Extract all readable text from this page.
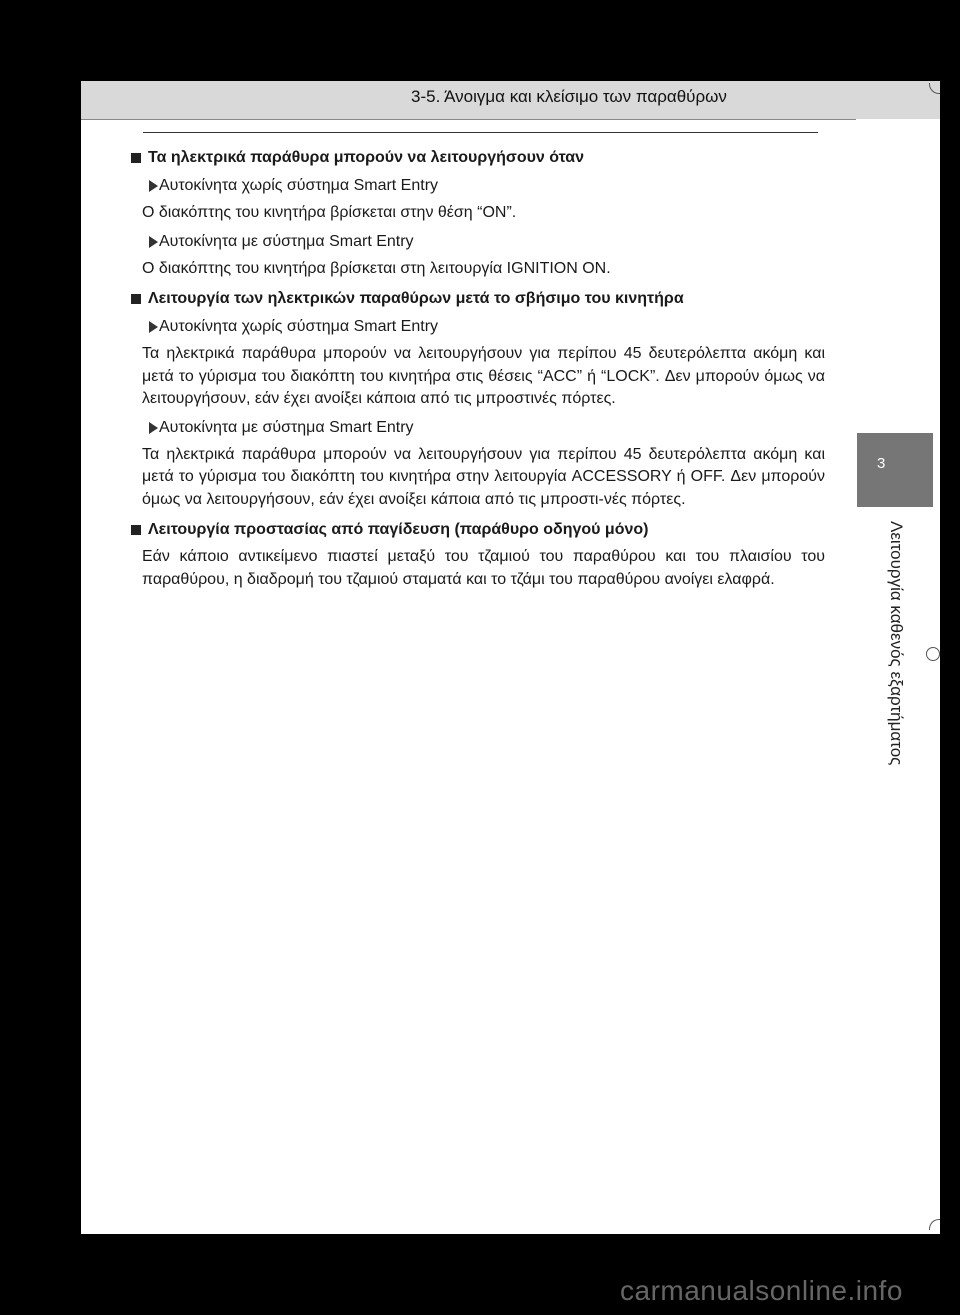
3-5. Άνοιγμα και κλείσιμο των παραθύρων
3
Λειτουργία καθενός εξαρτήματος
Τα ηλεκτρικά παράθυρα μπορούν να λειτουργήσουν όταν
Αυτοκίνητα χωρίς σύστημα Smart Entry
Ο διακόπτης του κινητήρα βρίσκεται στην θέση “ON”.
Αυτοκίνητα με σύστημα Smart Entry
Ο διακόπτης του κινητήρα βρίσκεται στη λειτουργία IGNITION ON.
Λειτουργία των ηλεκτρικών παραθύρων μετά το σβήσιμο του κινητήρα
Αυτοκίνητα χωρίς σύστημα Smart Entry
Τα ηλεκτρικά παράθυρα μπορούν να λειτουργήσουν για περίπου 45 δευτερόλεπτα ακόμη και μετά το γύρισμα του διακόπτη του κινητήρα στις θέσεις “ACC” ή “LOCK”. Δεν μπορούν όμως να λειτουργήσουν, εάν έχει ανοίξει κάποια από τις μπροστινές πόρτες.
Αυτοκίνητα με σύστημα Smart Entry
Τα ηλεκτρικά παράθυρα μπορούν να λειτουργήσουν για περίπου 45 δευτερόλεπτα ακόμη και μετά το γύρισμα του διακόπτη του κινητήρα στην λειτουργία ACCESSORY ή OFF. Δεν μπορούν όμως να λειτουργήσουν, εάν έχει ανοίξει κάποια από τις μπροστι-νές πόρτες.
Λειτουργία προστασίας από παγίδευση (παράθυρο οδηγού μόνο)
Εάν κάποιο αντικείμενο πιαστεί μεταξύ του τζαμιού του παραθύρου και του πλαισίου του παραθύρου, η διαδρομή του τζαμιού σταματά και το τζάμι του παραθύρου ανοίγει ελαφρά.
carmanualsonline.info
